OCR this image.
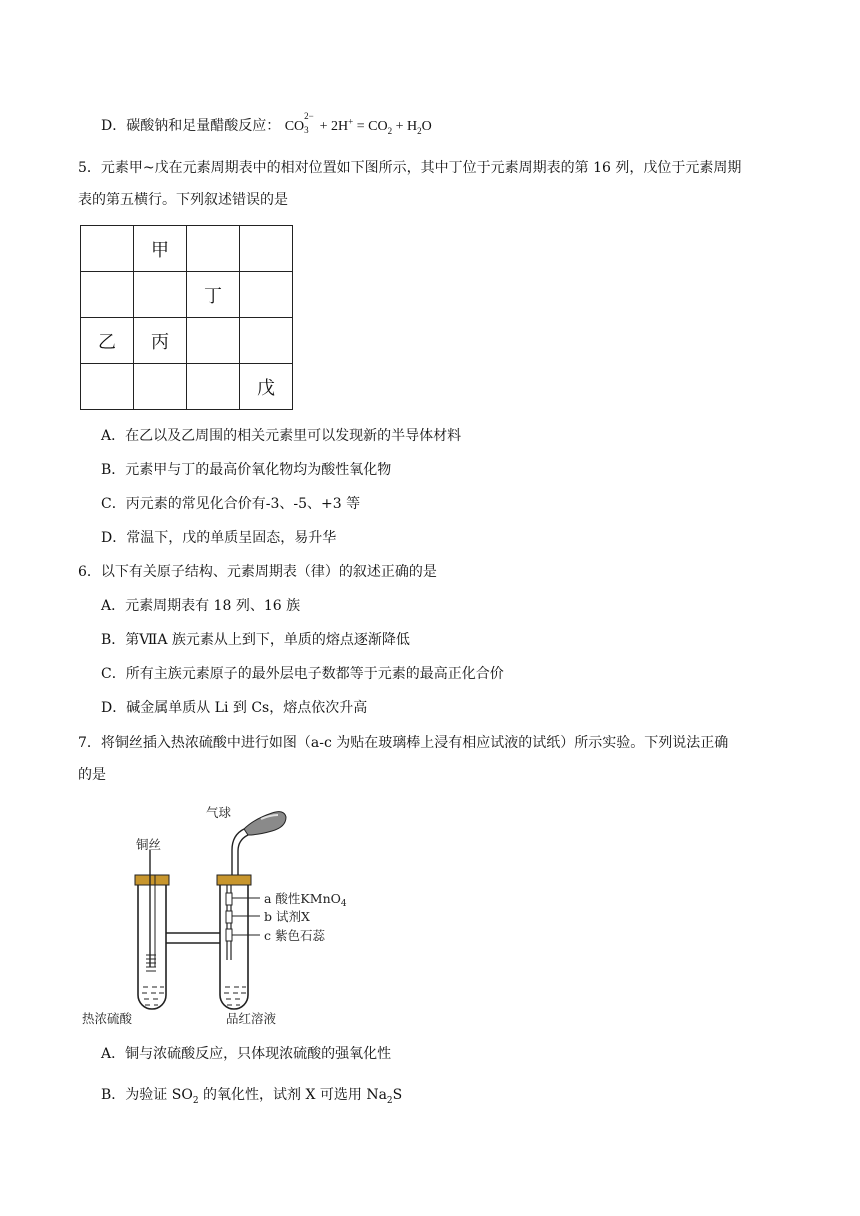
D．碳酸钠和足量醋酸反应： CO
2−
$3 + 2H^+ = CO_2 + H_2O$
5．元素甲~戊在元素周期表中的相对位置如下图所示，其中丁位于元素周期表的第 16 列，戊位于元素周期
表的第五横行。下列叙述错误的是
	甲		
		丁	
乙	丙		
			戊
A．在乙以及乙周围的相关元素里可以发现新的半导体材料
B．元素甲与丁的最高价氧化物均为酸性氧化物
C．丙元素的常见化合价有-3、-5、+3 等
D．常温下，戊的单质呈固态，易升华
6．以下有关原子结构、元素周期表（律）的叙述正确的是
A．元素周期表有 18 列、16 族
B．第ⅦA 族元素从上到下，单质的熔点逐渐降低
C．所有主族元素原子的最外层电子数都等于元素的最高正化合价
D．碱金属单质从 Li 到 Cs，熔点依次升高
7．将铜丝插入热浓硫酸中进行如图（a-c 为贴在玻璃棒上浸有相应试液的试纸）所示实验。下列说法正确
的是
气球
铜丝
a 酸性KMnO$_4$
b 试剂X
c 紫色石蕊
热浓硫酸	品红溶液
A．铜与浓硫酸反应，只体现浓硫酸的强氧化性
B．为验证 $SO_2$ 的氧化性，试剂 X 可选用 $Na_2S$
